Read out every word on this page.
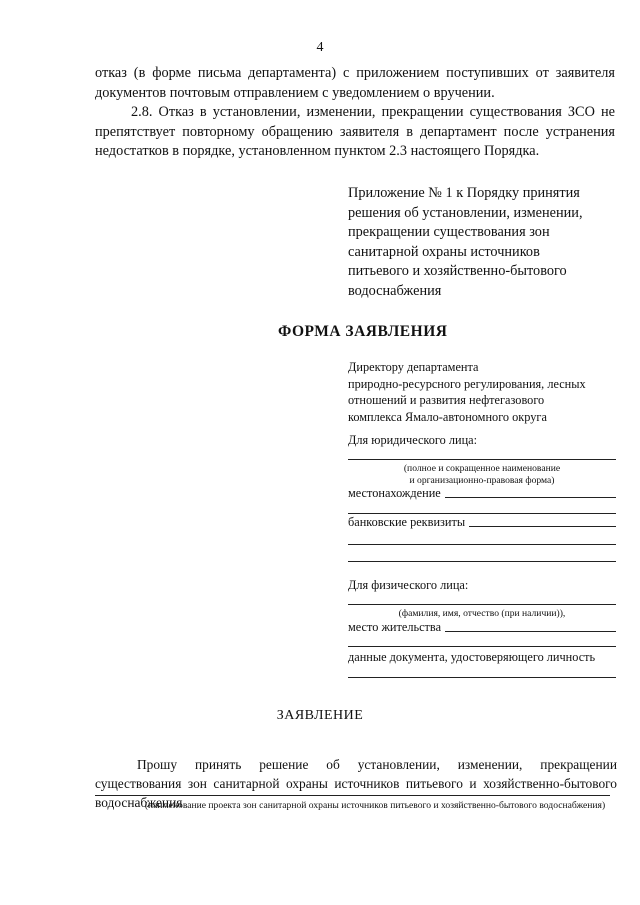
4
отказ (в форме письма департамента) с приложением поступивших от заявителя документов почтовым отправлением с уведомлением о вручении.
2.8. Отказ в установлении, изменении, прекращении существования ЗСО не препятствует повторному обращению заявителя в департамент после устранения недостатков в порядке, установленном пунктом 2.3 настоящего Порядка.
Приложение № 1 к Порядку принятия
решения об установлении, изменении,
прекращении существования зон
санитарной охраны источников
питьевого и хозяйственно-бытового
водоснабжения
ФОРМА ЗАЯВЛЕНИЯ
Директору департамента
природно-ресурсного регулирования, лесных
отношений и развития нефтегазового
комплекса Ямало-автономного округа
Для юридического лица:
(полное и сокращенное наименование
и организационно-правовая форма)
местонахождение
банковские реквизиты
Для физического лица:
(фамилия, имя, отчество (при наличии)),
место жительства
данные документа, удостоверяющего личность
ЗАЯВЛЕНИЕ
Прошу принять решение об установлении, изменении, прекращении существования зон санитарной охраны источников питьевого и хозяйственно-бытового водоснабжения
(наименование проекта зон санитарной охраны источников питьевого и хозяйственно-бытового водоснабжения)
